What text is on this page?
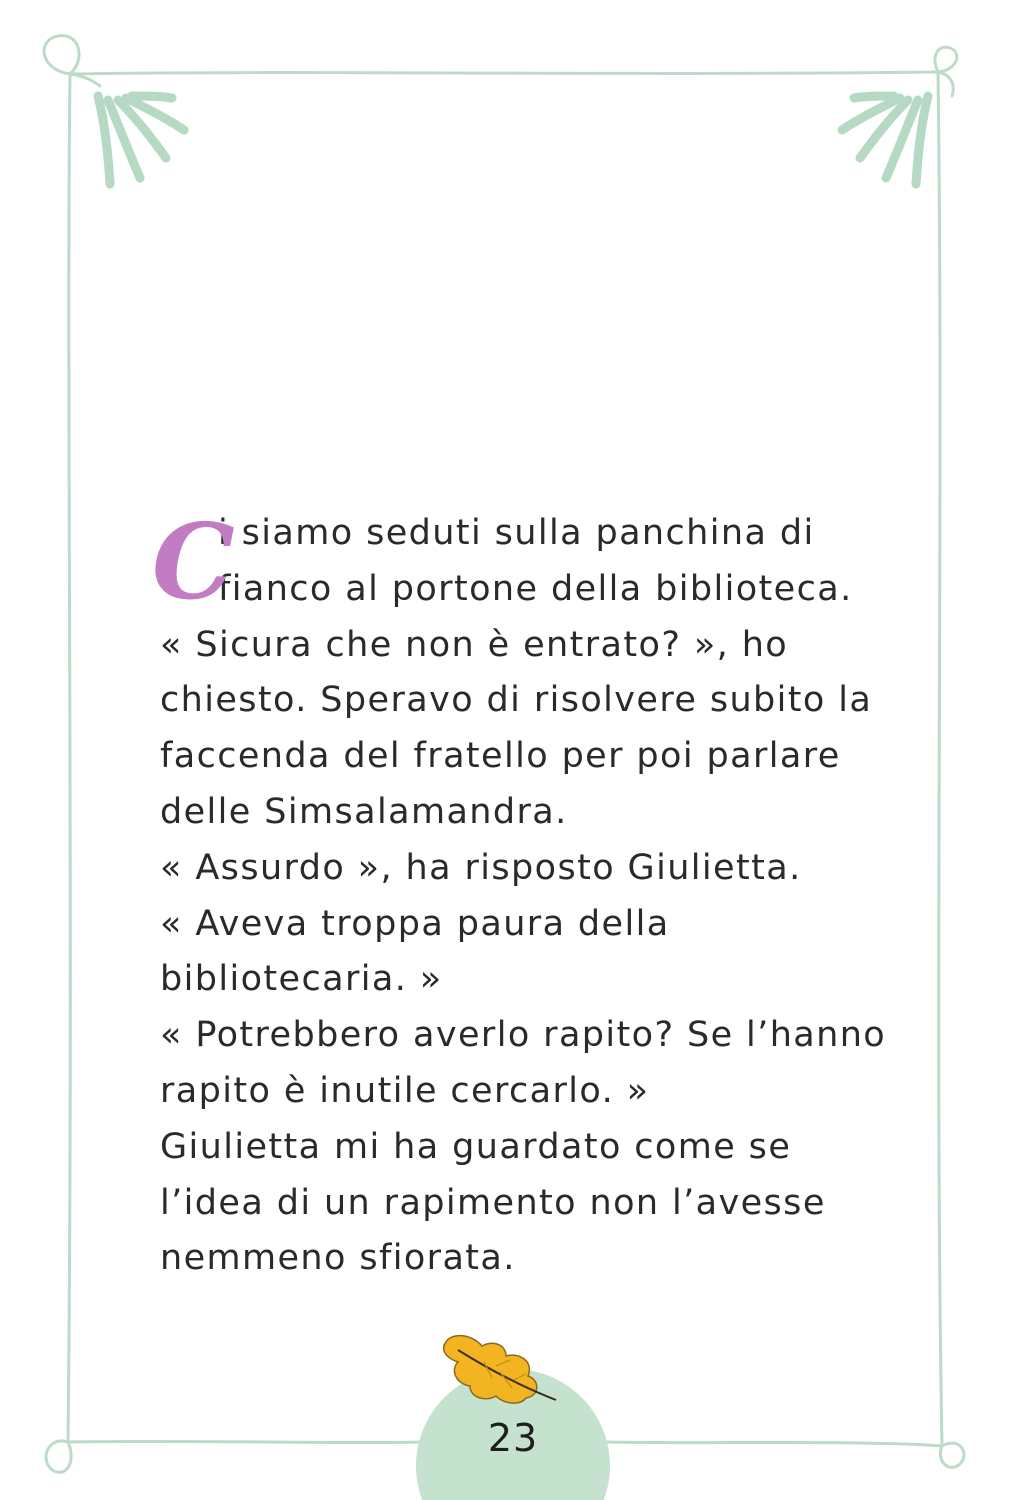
C
i siamo seduti sulla panchina di
fianco al portone della biblioteca.
« Sicura che non è entrato? », ho
chiesto. Speravo di risolvere subito la
faccenda del fratello per poi parlare
delle Simsalamandra.
« Assurdo », ha risposto Giulietta.
« Aveva troppa paura della
bibliotecaria. »
« Potrebbero averlo rapito? Se l’hanno
rapito è inutile cercarlo. »
Giulietta mi ha guardato come se
l’idea di un rapimento non l’avesse
nemmeno sfiorata.
23
